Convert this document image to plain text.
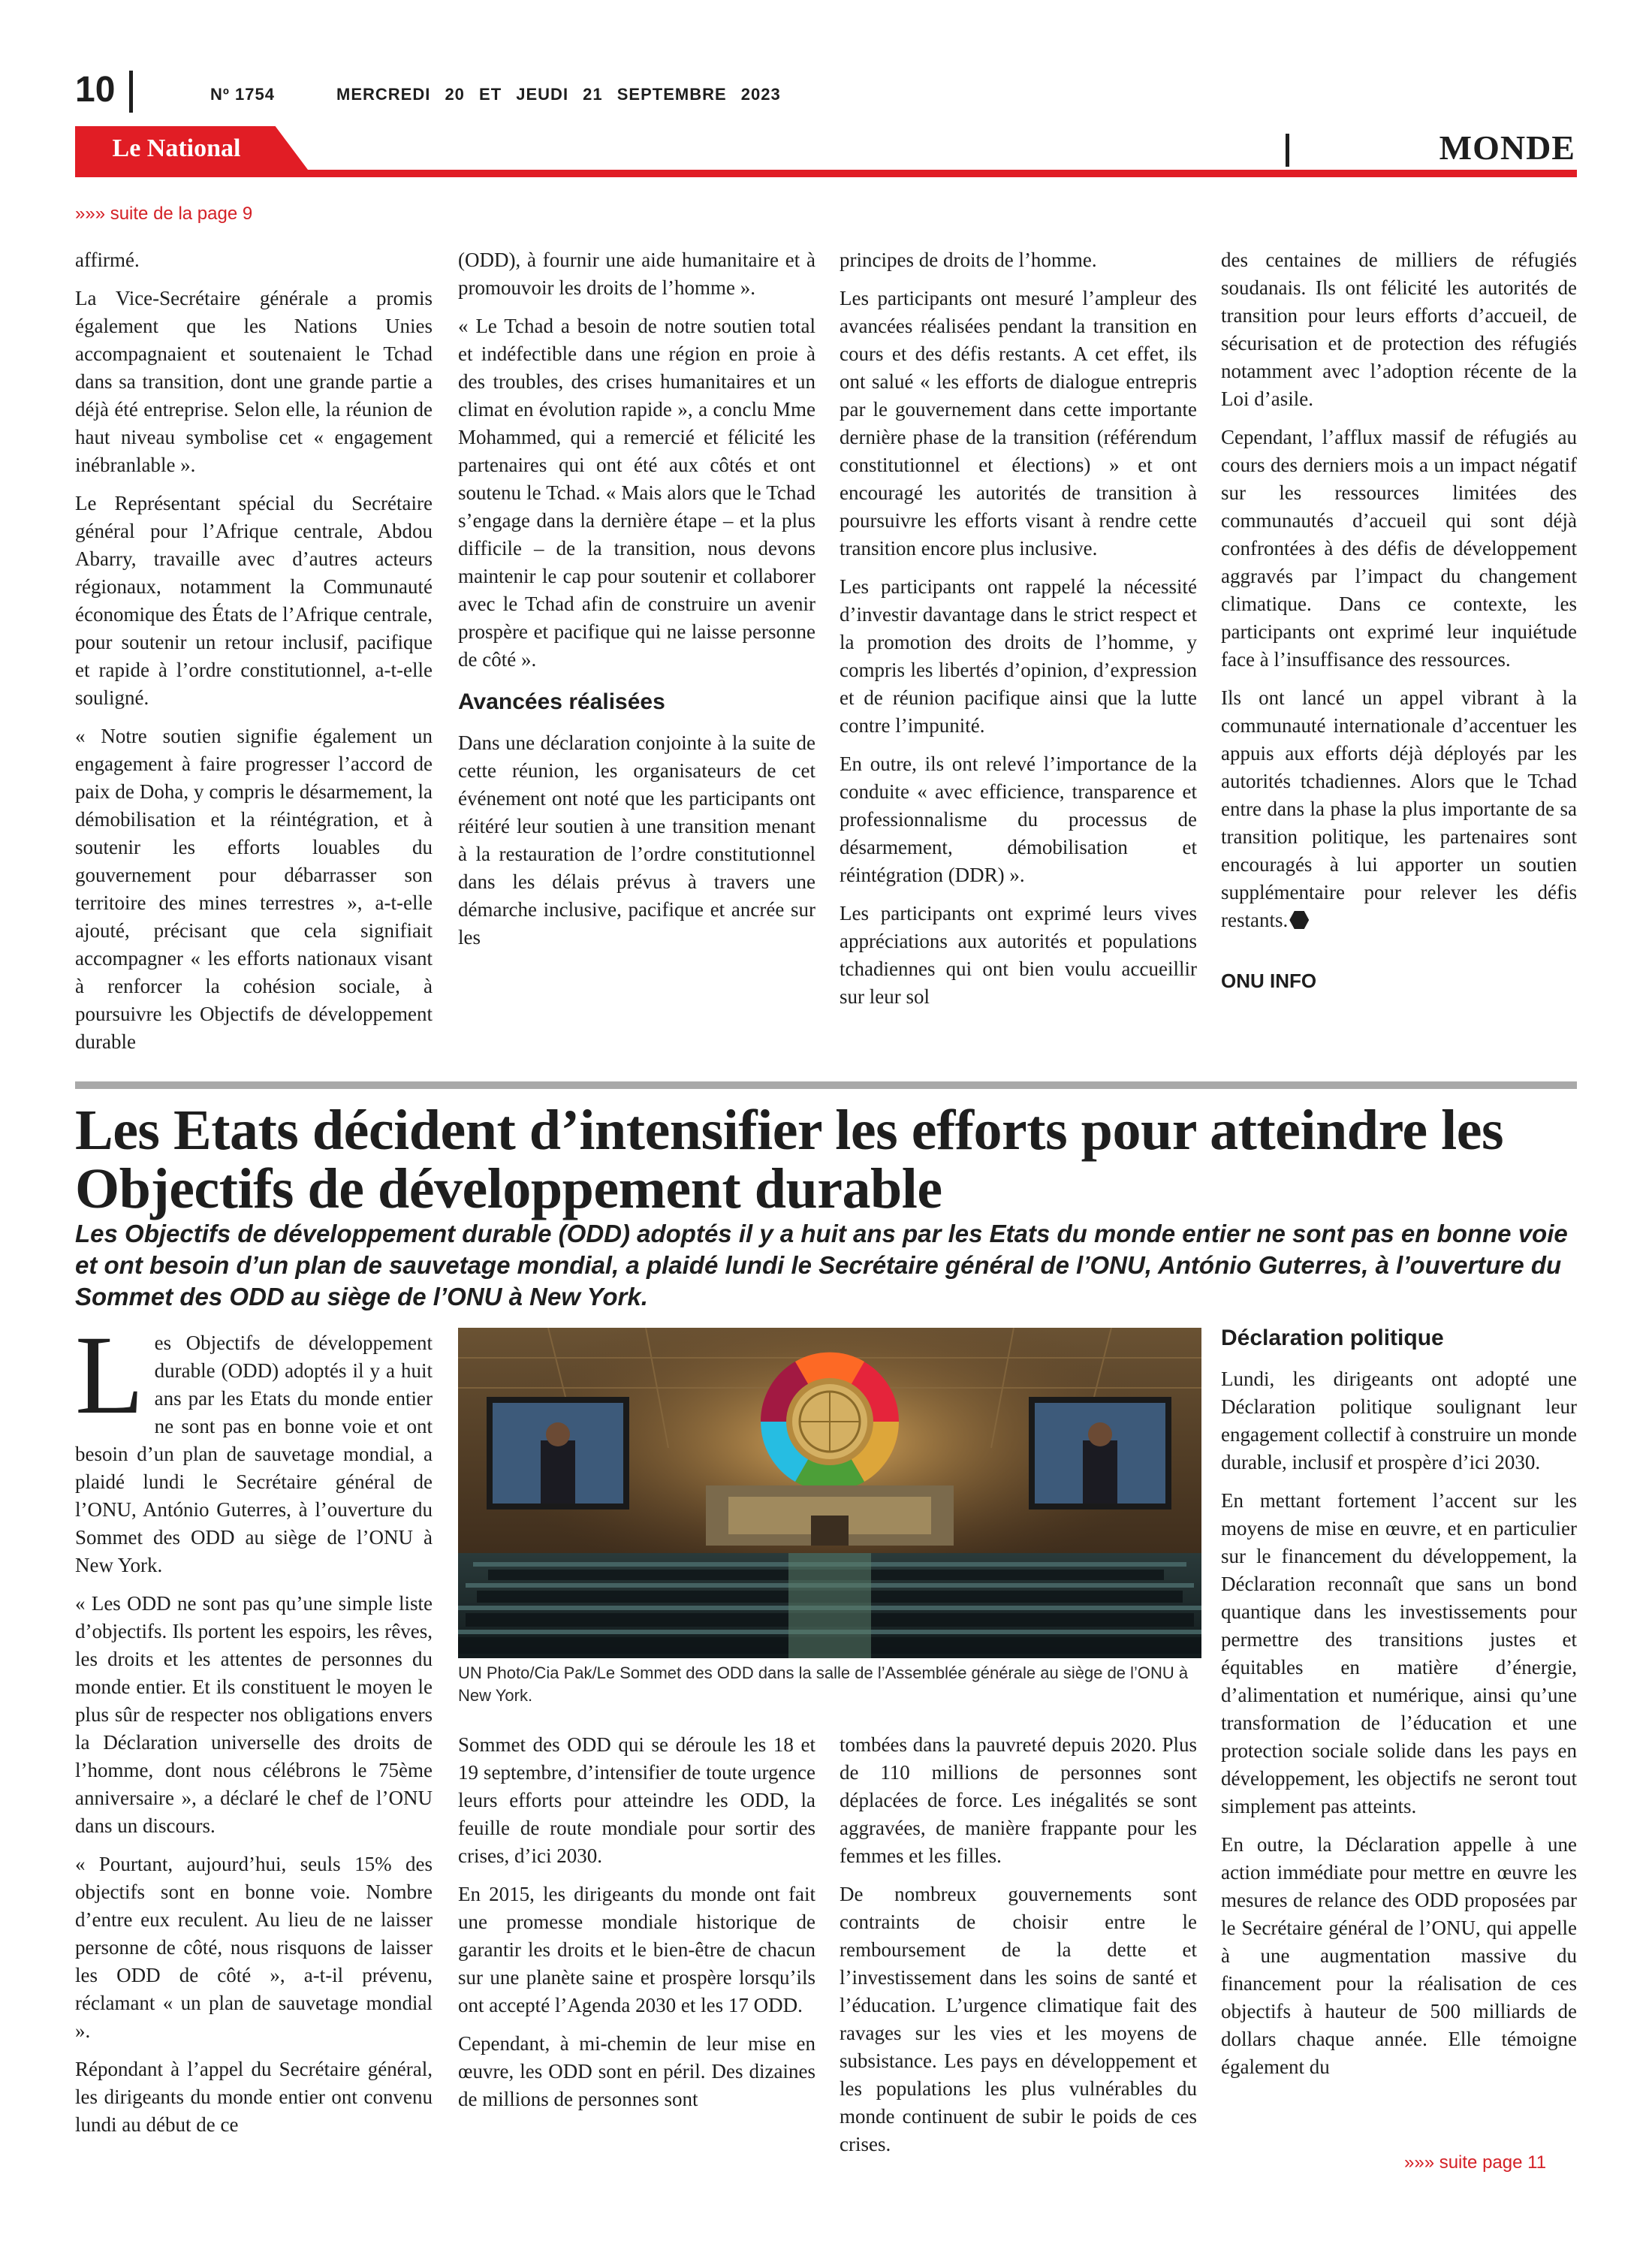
10	Nº 1754	MERCREDI 20 ET JEUDI 21 SEPTEMBRE 2023
Le National	MONDE
»»» suite de la page 9

affirmé.

La Vice-Secrétaire générale a promis également que les Nations Unies accompagnaient et soutenaient le Tchad dans sa transition, dont une grande partie a déjà été entreprise. Selon elle, la réunion de haut niveau symbolise cet « engagement inébranlable ».

Le Représentant spécial du Secrétaire général pour l’Afrique centrale, Abdou Abarry, travaille avec d’autres acteurs régionaux, notamment la Communauté économique des États de l’Afrique centrale, pour soutenir un retour inclusif, pacifique et rapide à l’ordre constitutionnel, a-t-elle souligné.

« Notre soutien signifie également un engagement à faire progresser l’accord de paix de Doha, y compris le désarmement, la démobilisation et la réintégration, et à soutenir les efforts louables du gouvernement pour débarrasser son territoire des mines terrestres », a-t-elle ajouté, précisant que cela signifiait accompagner « les efforts nationaux visant à renforcer la cohésion sociale, à poursuivre les Objectifs de développement durable

(ODD), à fournir une aide humanitaire et à promouvoir les droits de l’homme ».

« Le Tchad a besoin de notre soutien total et indéfectible dans une région en proie à des troubles, des crises humanitaires et un climat en évolution rapide », a conclu Mme Mohammed, qui a remercié et félicité les partenaires qui ont été aux côtés et ont soutenu le Tchad. « Mais alors que le Tchad s’engage dans la dernière étape – et la plus difficile – de la transition, nous devons maintenir le cap pour soutenir et collaborer avec le Tchad afin de construire un avenir prospère et pacifique qui ne laisse personne de côté ».

Avancées réalisées

Dans une déclaration conjointe à la suite de cette réunion, les organisateurs de cet événement ont noté que les participants ont réitéré leur soutien à une transition menant à la restauration de l’ordre constitutionnel dans les délais prévus à travers une démarche inclusive, pacifique et ancrée sur les

principes de droits de l’homme.

Les participants ont mesuré l’ampleur des avancées réalisées pendant la transition en cours et des défis restants. A cet effet, ils ont salué « les efforts de dialogue entrepris par le gouvernement dans cette importante dernière phase de la transition (référendum constitutionnel et élections) » et ont encouragé les autorités de transition à poursuivre les efforts visant à rendre cette transition encore plus inclusive.

Les participants ont rappelé la nécessité d’investir davantage dans le strict respect et la promotion des droits de l’homme, y compris les libertés d’opinion, d’expression et de réunion pacifique ainsi que la lutte contre l’impunité.

En outre, ils ont relevé l’importance de la conduite « avec efficience, transparence et professionnalisme du processus de désarmement, démobilisation et réintégration (DDR) ».

Les participants ont exprimé leurs vives appréciations aux autorités et populations tchadiennes qui ont bien voulu accueillir sur leur sol

des centaines de milliers de réfugiés soudanais. Ils ont félicité les autorités de transition pour leurs efforts d’accueil, de sécurisation et de protection des réfugiés notamment avec l’adoption récente de la Loi d’asile.

Cependant, l’afflux massif de réfugiés au cours des derniers mois a un impact négatif sur les ressources limitées des communautés d’accueil qui sont déjà confrontées à des défis de développement aggravés par l’impact du changement climatique. Dans ce contexte, les participants ont exprimé leur inquiétude face à l’insuffisance des ressources.

Ils ont lancé un appel vibrant à la communauté internationale d’accentuer les appuis aux efforts déjà déployés par les autorités tchadiennes. Alors que le Tchad entre dans la phase la plus importante de sa transition politique, les partenaires sont encouragés à lui apporter un soutien supplémentaire pour relever les défis restants.

ONU INFO
Les Etats décident d’intensifier les efforts pour atteindre les Objectifs de développement durable

Les Objectifs de développement durable (ODD) adoptés il y a huit ans par les Etats du monde entier ne sont pas en bonne voie et ont besoin d’un plan de sauvetage mondial, a plaidé lundi le Secrétaire général de l’ONU, António Guterres, à l’ouverture du Sommet des ODD au siège de l’ONU à New York.

Les Objectifs de développement durable (ODD) adoptés il y a huit ans par les Etats du monde entier ne sont pas en bonne voie et ont besoin d’un plan de sauvetage mondial, a plaidé lundi le Secrétaire général de l’ONU, António Guterres, à l’ouverture du Sommet des ODD au siège de l’ONU à New York.

« Les ODD ne sont pas qu’une simple liste d’objectifs. Ils portent les espoirs, les rêves, les droits et les attentes de personnes du monde entier. Et ils constituent le moyen le plus sûr de respecter nos obligations envers la Déclaration universelle des droits de l’homme, dont nous célébrons le 75ème anniversaire », a déclaré le chef de l’ONU dans un discours.

« Pourtant, aujourd’hui, seuls 15% des objectifs sont en bonne voie. Nombre d’entre eux reculent. Au lieu de ne laisser personne de côté, nous risquons de laisser les ODD de côté », a-t-il prévenu, réclamant « un plan de sauvetage mondial ».

Répondant à l’appel du Secrétaire général, les dirigeants du monde entier ont convenu lundi au début de ce

UN Photo/Cia Pak/Le Sommet des ODD dans la salle de l’Assemblée générale au siège de l’ONU à New York.

Sommet des ODD qui se déroule les 18 et 19 septembre, d’intensifier de toute urgence leurs efforts pour atteindre les ODD, la feuille de route mondiale pour sortir des crises, d’ici 2030.

En 2015, les dirigeants du monde ont fait une promesse mondiale historique de garantir les droits et le bien-être de chacun sur une planète saine et prospère lorsqu’ils ont accepté l’Agenda 2030 et les 17 ODD.

Cependant, à mi-chemin de leur mise en œuvre, les ODD sont en péril. Des dizaines de millions de personnes sont

tombées dans la pauvreté depuis 2020. Plus de 110 millions de personnes sont déplacées de force. Les inégalités se sont aggravées, de manière frappante pour les femmes et les filles.

De nombreux gouvernements sont contraints de choisir entre le remboursement de la dette et l’investissement dans les soins de santé et l’éducation. L’urgence climatique fait des ravages sur les vies et les moyens de subsistance. Les pays en développement et les populations les plus vulnérables du monde continuent de subir le poids de ces crises.

Déclaration politique

Lundi, les dirigeants ont adopté une Déclaration politique soulignant leur engagement collectif à construire un monde durable, inclusif et prospère d’ici 2030.

En mettant fortement l’accent sur les moyens de mise en œuvre, et en particulier sur le financement du développement, la Déclaration reconnaît que sans un bond quantique dans les investissements pour permettre des transitions justes et équitables en matière d’énergie, d’alimentation et numérique, ainsi qu’une transformation de l’éducation et une protection sociale solide dans les pays en développement, les objectifs ne seront tout simplement pas atteints.

En outre, la Déclaration appelle à une action immédiate pour mettre en œuvre les mesures de relance des ODD proposées par le Secrétaire général de l’ONU, qui appelle à une augmentation massive du financement pour la réalisation de ces objectifs à hauteur de 500 milliards de dollars chaque année. Elle témoigne également du

»»» suite page 11
